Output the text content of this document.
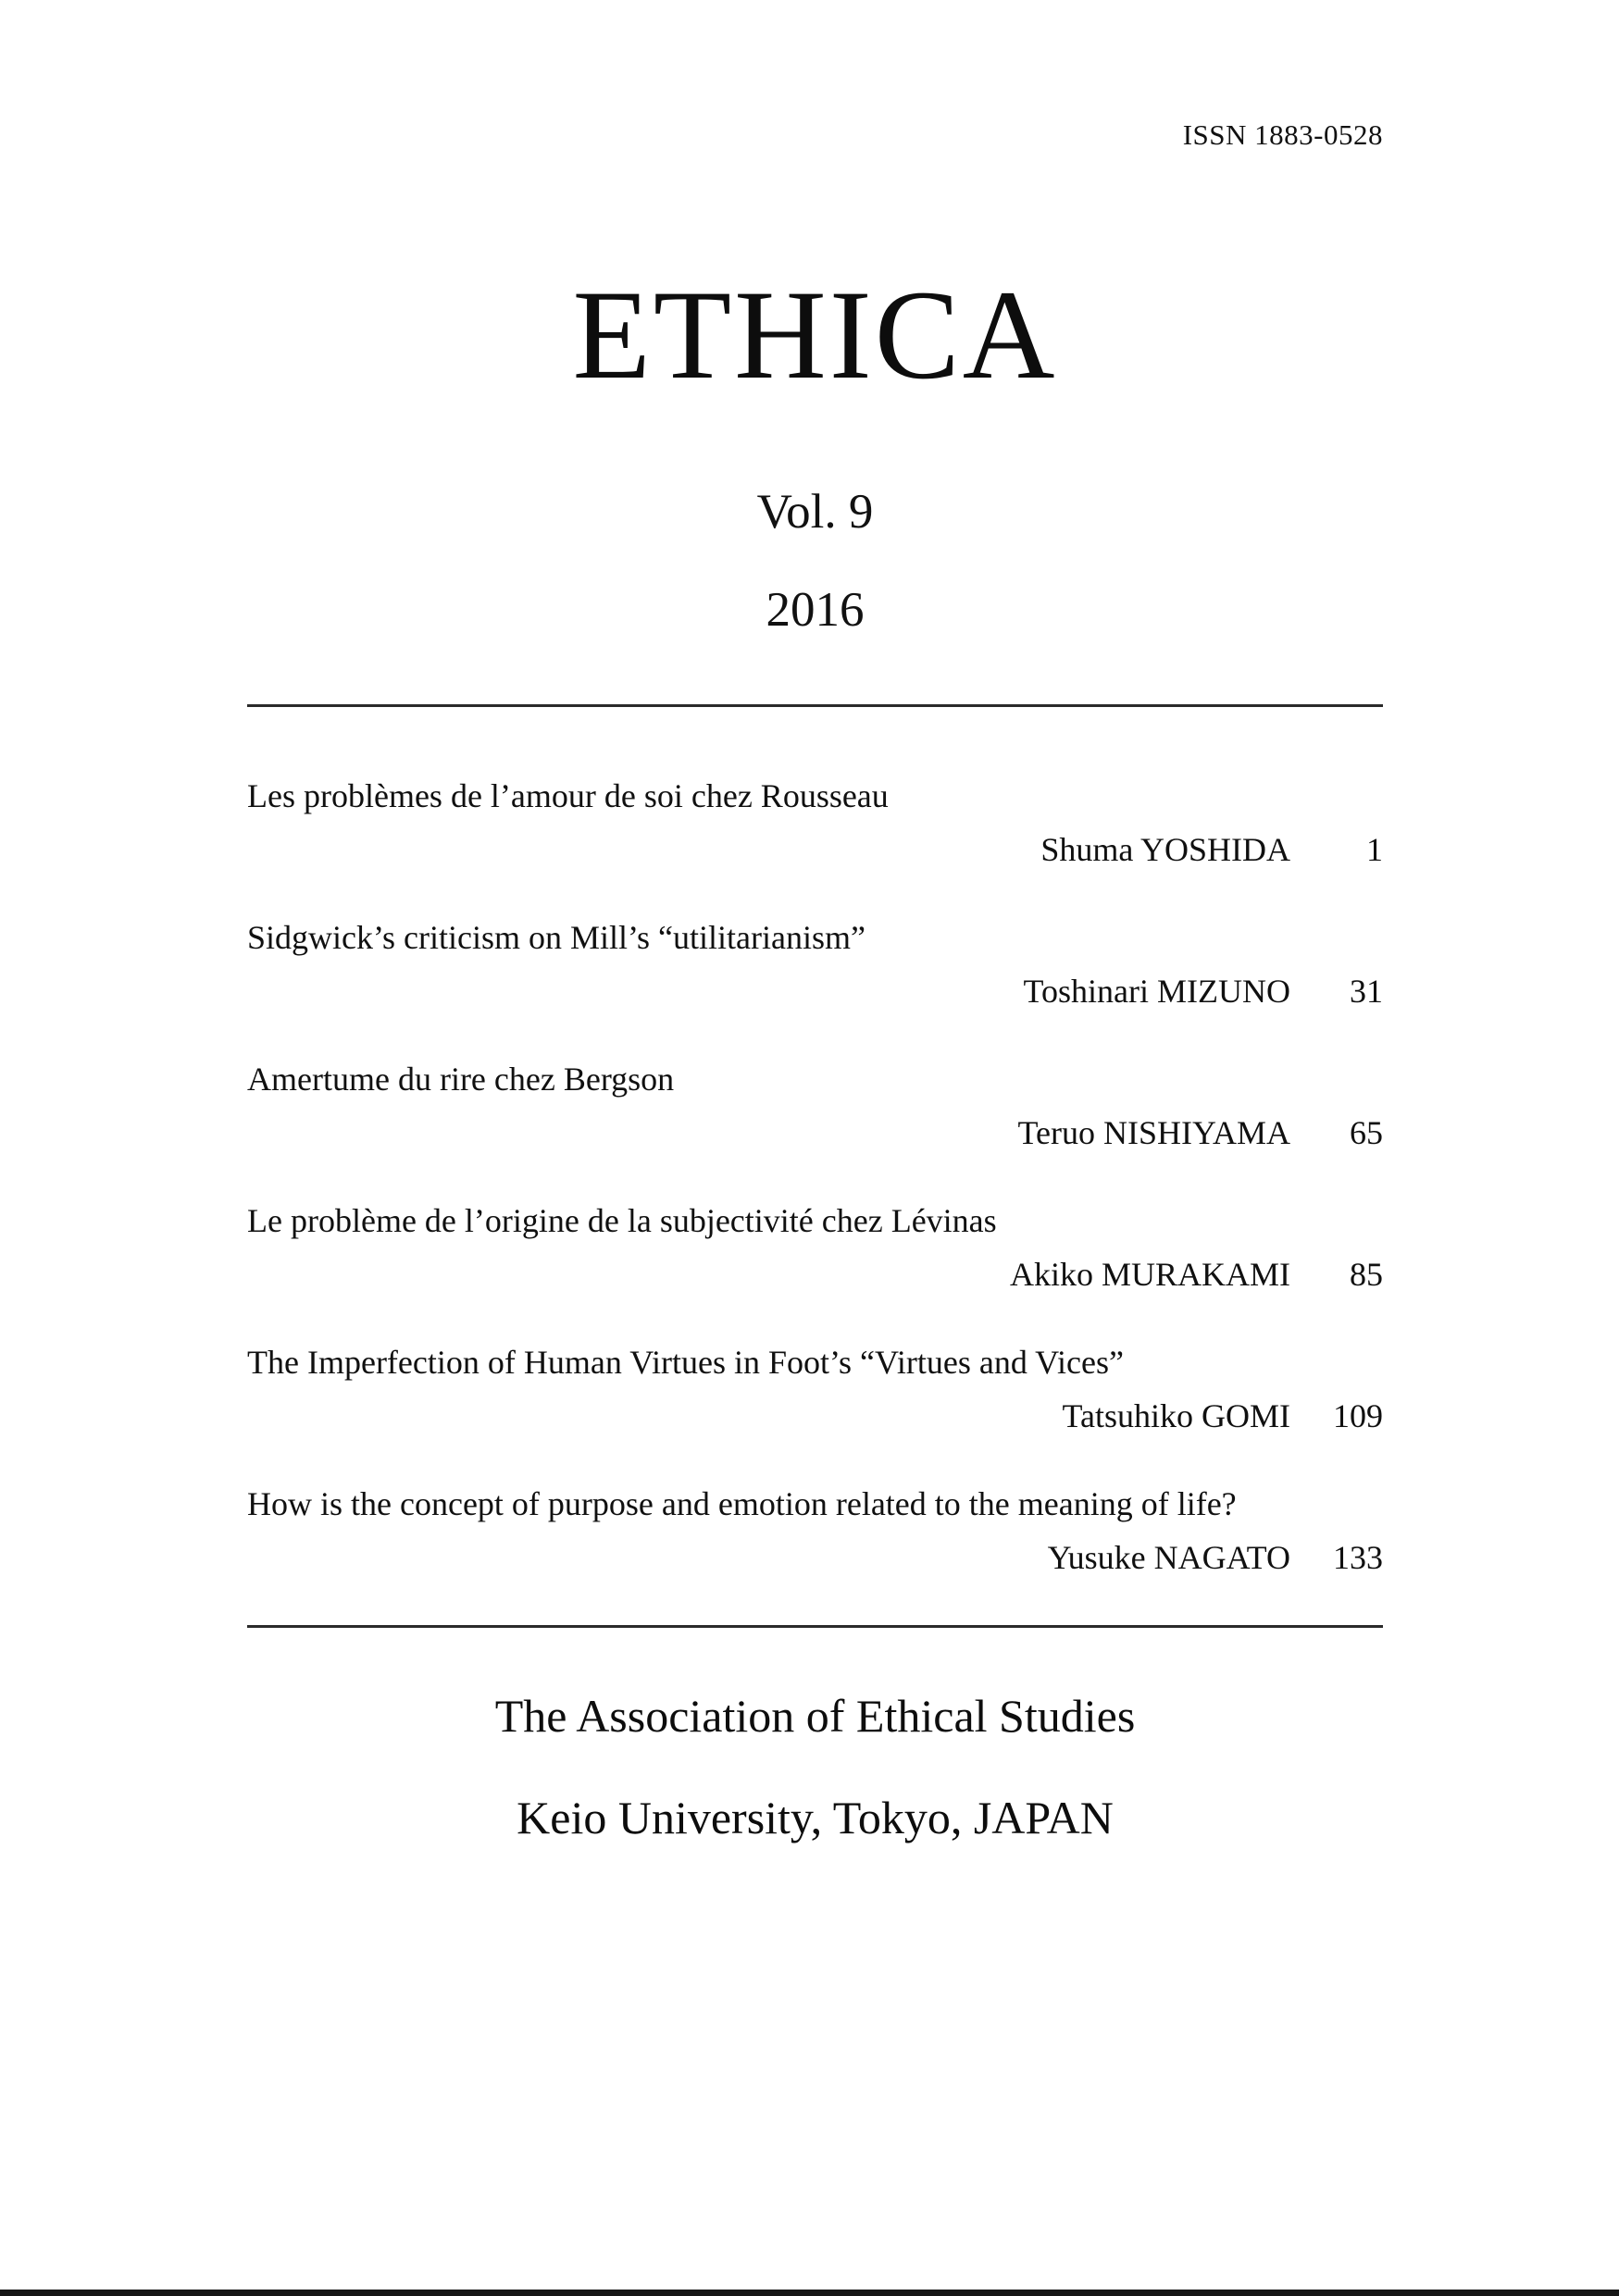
ISSN 1883-0528
ETHICA
Vol. 9
2016
Les problèmes de l’amour de soi chez Rousseau
Shuma YOSHIDA	1
Sidgwick’s criticism on Mill’s “utilitarianism”
Toshinari MIZUNO	31
Amertume du rire chez Bergson
Teruo NISHIYAMA	65
Le problème de l’origine de la subjectivité chez Lévinas
Akiko MURAKAMI	85
The Imperfection of Human Virtues in Foot’s “Virtues and Vices”
Tatsuhiko GOMI	109
How is the concept of purpose and emotion related to the meaning of life?
Yusuke NAGATO	133
The Association of Ethical Studies
Keio University, Tokyo, JAPAN
